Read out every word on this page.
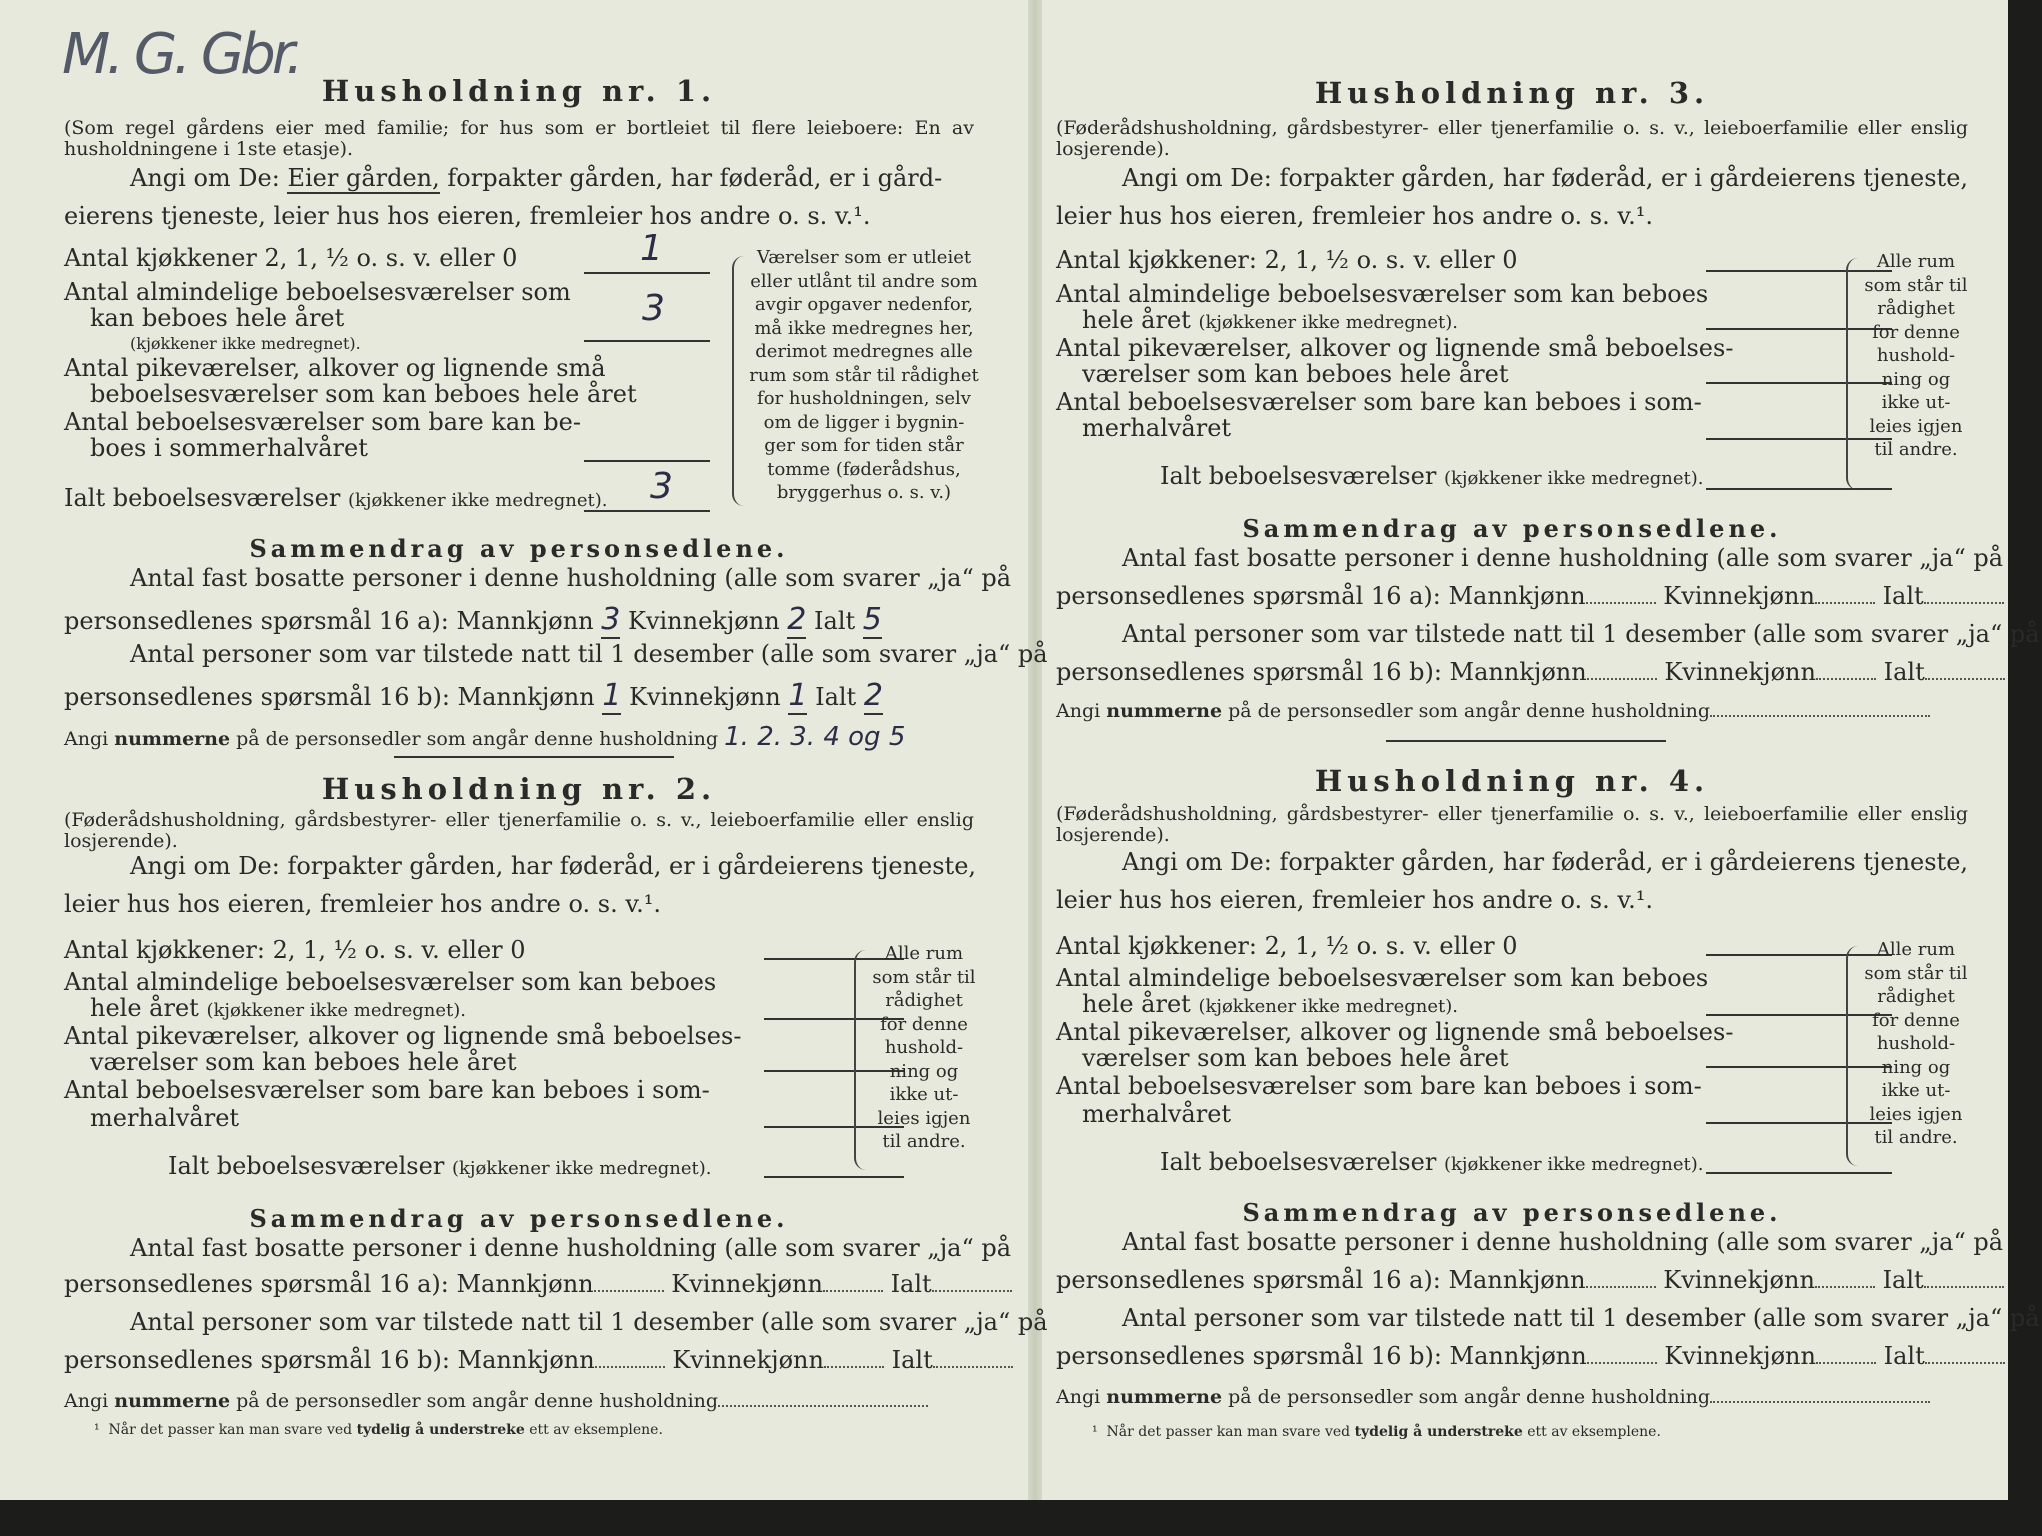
M. G. Gbr.
Husholdning nr. 1.
(Som regel gårdens eier med familie; for hus som er bortleiet til flere leieboere: En av husholdningene i 1ste etasje).
Angi om De: Eier gården, forpakter gården, har føderåd, er i gård-
eierens tjeneste, leier hus hos eieren, fremleier hos andre o. s. v.¹.
Antal kjøkkener 2, 1, ½ o. s. v. eller 0	1
Antal almindelige beboelsesværelser som
kan beboes hele året	3
(kjøkkener ikke medregnet).
Antal pikeværelser, alkover og lignende små
beboelsesværelser som kan beboes hele året
Antal beboelsesværelser som bare kan be-
boes i sommerhalvåret
Ialt beboelsesværelser (kjøkkener ikke medregnet). 3
Værelser som er utleiet
eller utlånt til andre som
avgir opgaver nedenfor,
må ikke medregnes her,
derimot medregnes alle
rum som står til rådighet
for husholdningen, selv
om de ligger i bygnin-
ger som for tiden står
tomme (føderådshus,
bryggerhus o. s. v.)
Sammendrag av personsedlene.
Antal fast bosatte personer i denne husholdning (alle som svarer „ja“ på
personsedlenes spørsmål 16 a): Mannkjønn 3 Kvinnekjønn 2 Ialt 5
Antal personer som var tilstede natt til 1 desember (alle som svarer „ja“ på
personsedlenes spørsmål 16 b): Mannkjønn 1 Kvinnekjønn 1 Ialt 2
Angi nummerne på de personsedler som angår denne husholdning 1. 2. 3. 4 og 5
Husholdning nr. 2.
(Føderådshusholdning, gårdsbestyrer- eller tjenerfamilie o. s. v., leieboerfamilie eller enslig losjerende).
Angi om De: forpakter gården, har føderåd, er i gårdeierens tjeneste,
leier hus hos eieren, fremleier hos andre o. s. v.¹.
Antal kjøkkener: 2, 1, ½ o. s. v. eller 0
Antal almindelige beboelsesværelser som kan beboes
hele året (kjøkkener ikke medregnet).
Antal pikeværelser, alkover og lignende små beboelses-
værelser som kan beboes hele året
Antal beboelsesværelser som bare kan beboes i som-
merhalvåret
Ialt beboelsesværelser (kjøkkener ikke medregnet).
Alle rum
som står til
rådighet
for denne
hushold-
ning og
ikke ut-
leies igjen
til andre.
Sammendrag av personsedlene.
Antal fast bosatte personer i denne husholdning (alle som svarer „ja“ på
personsedlenes spørsmål 16 a): Mannkjønn	Kvinnekjønn	Ialt
Antal personer som var tilstede natt til 1 desember (alle som svarer „ja“ på
personsedlenes spørsmål 16 b): Mannkjønn	Kvinnekjønn	Ialt
Angi nummerne på de personsedler som angår denne husholdning
¹ Når det passer kan man svare ved tydelig å understreke ett av eksemplene.
Husholdning nr. 3.
(Føderådshusholdning, gårdsbestyrer- eller tjenerfamilie o. s. v., leieboerfamilie eller enslig losjerende).
Angi om De: forpakter gården, har føderåd, er i gårdeierens tjeneste,
leier hus hos eieren, fremleier hos andre o. s. v.¹.
Antal kjøkkener: 2, 1, ½ o. s. v. eller 0
Antal almindelige beboelsesværelser som kan beboes
hele året (kjøkkener ikke medregnet).
Antal pikeværelser, alkover og lignende små beboelses-
værelser som kan beboes hele året
Antal beboelsesværelser som bare kan beboes i som-
merhalvåret
Ialt beboelsesværelser (kjøkkener ikke medregnet).
Alle rum
som står til
rådighet
for denne
hushold-
ning og
ikke ut-
leies igjen
til andre.
Sammendrag av personsedlene.
Antal fast bosatte personer i denne husholdning (alle som svarer „ja“ på
personsedlenes spørsmål 16 a): Mannkjønn	Kvinnekjønn	Ialt
Antal personer som var tilstede natt til 1 desember (alle som svarer „ja“ på
personsedlenes spørsmål 16 b): Mannkjønn	Kvinnekjønn	Ialt
Angi nummerne på de personsedler som angår denne husholdning
Husholdning nr. 4.
(Føderådshusholdning, gårdsbestyrer- eller tjenerfamilie o. s. v., leieboerfamilie eller enslig losjerende).
Angi om De: forpakter gården, har føderåd, er i gårdeierens tjeneste,
leier hus hos eieren, fremleier hos andre o. s. v.¹.
Antal kjøkkener: 2, 1, ½ o. s. v. eller 0
Antal almindelige beboelsesværelser som kan beboes
hele året (kjøkkener ikke medregnet).
Antal pikeværelser, alkover og lignende små beboelses-
værelser som kan beboes hele året
Antal beboelsesværelser som bare kan beboes i som-
merhalvåret
Ialt beboelsesværelser (kjøkkener ikke medregnet).
Alle rum
som står til
rådighet
for denne
hushold-
ning og
ikke ut-
leies igjen
til andre.
Sammendrag av personsedlene.
Antal fast bosatte personer i denne husholdning (alle som svarer „ja“ på
personsedlenes spørsmål 16 a): Mannkjønn	Kvinnekjønn	Ialt
Antal personer som var tilstede natt til 1 desember (alle som svarer „ja“ på
personsedlenes spørsmål 16 b): Mannkjønn	Kvinnekjønn	Ialt
Angi nummerne på de personsedler som angår denne husholdning
¹ Når det passer kan man svare ved tydelig å understreke ett av eksemplene.
